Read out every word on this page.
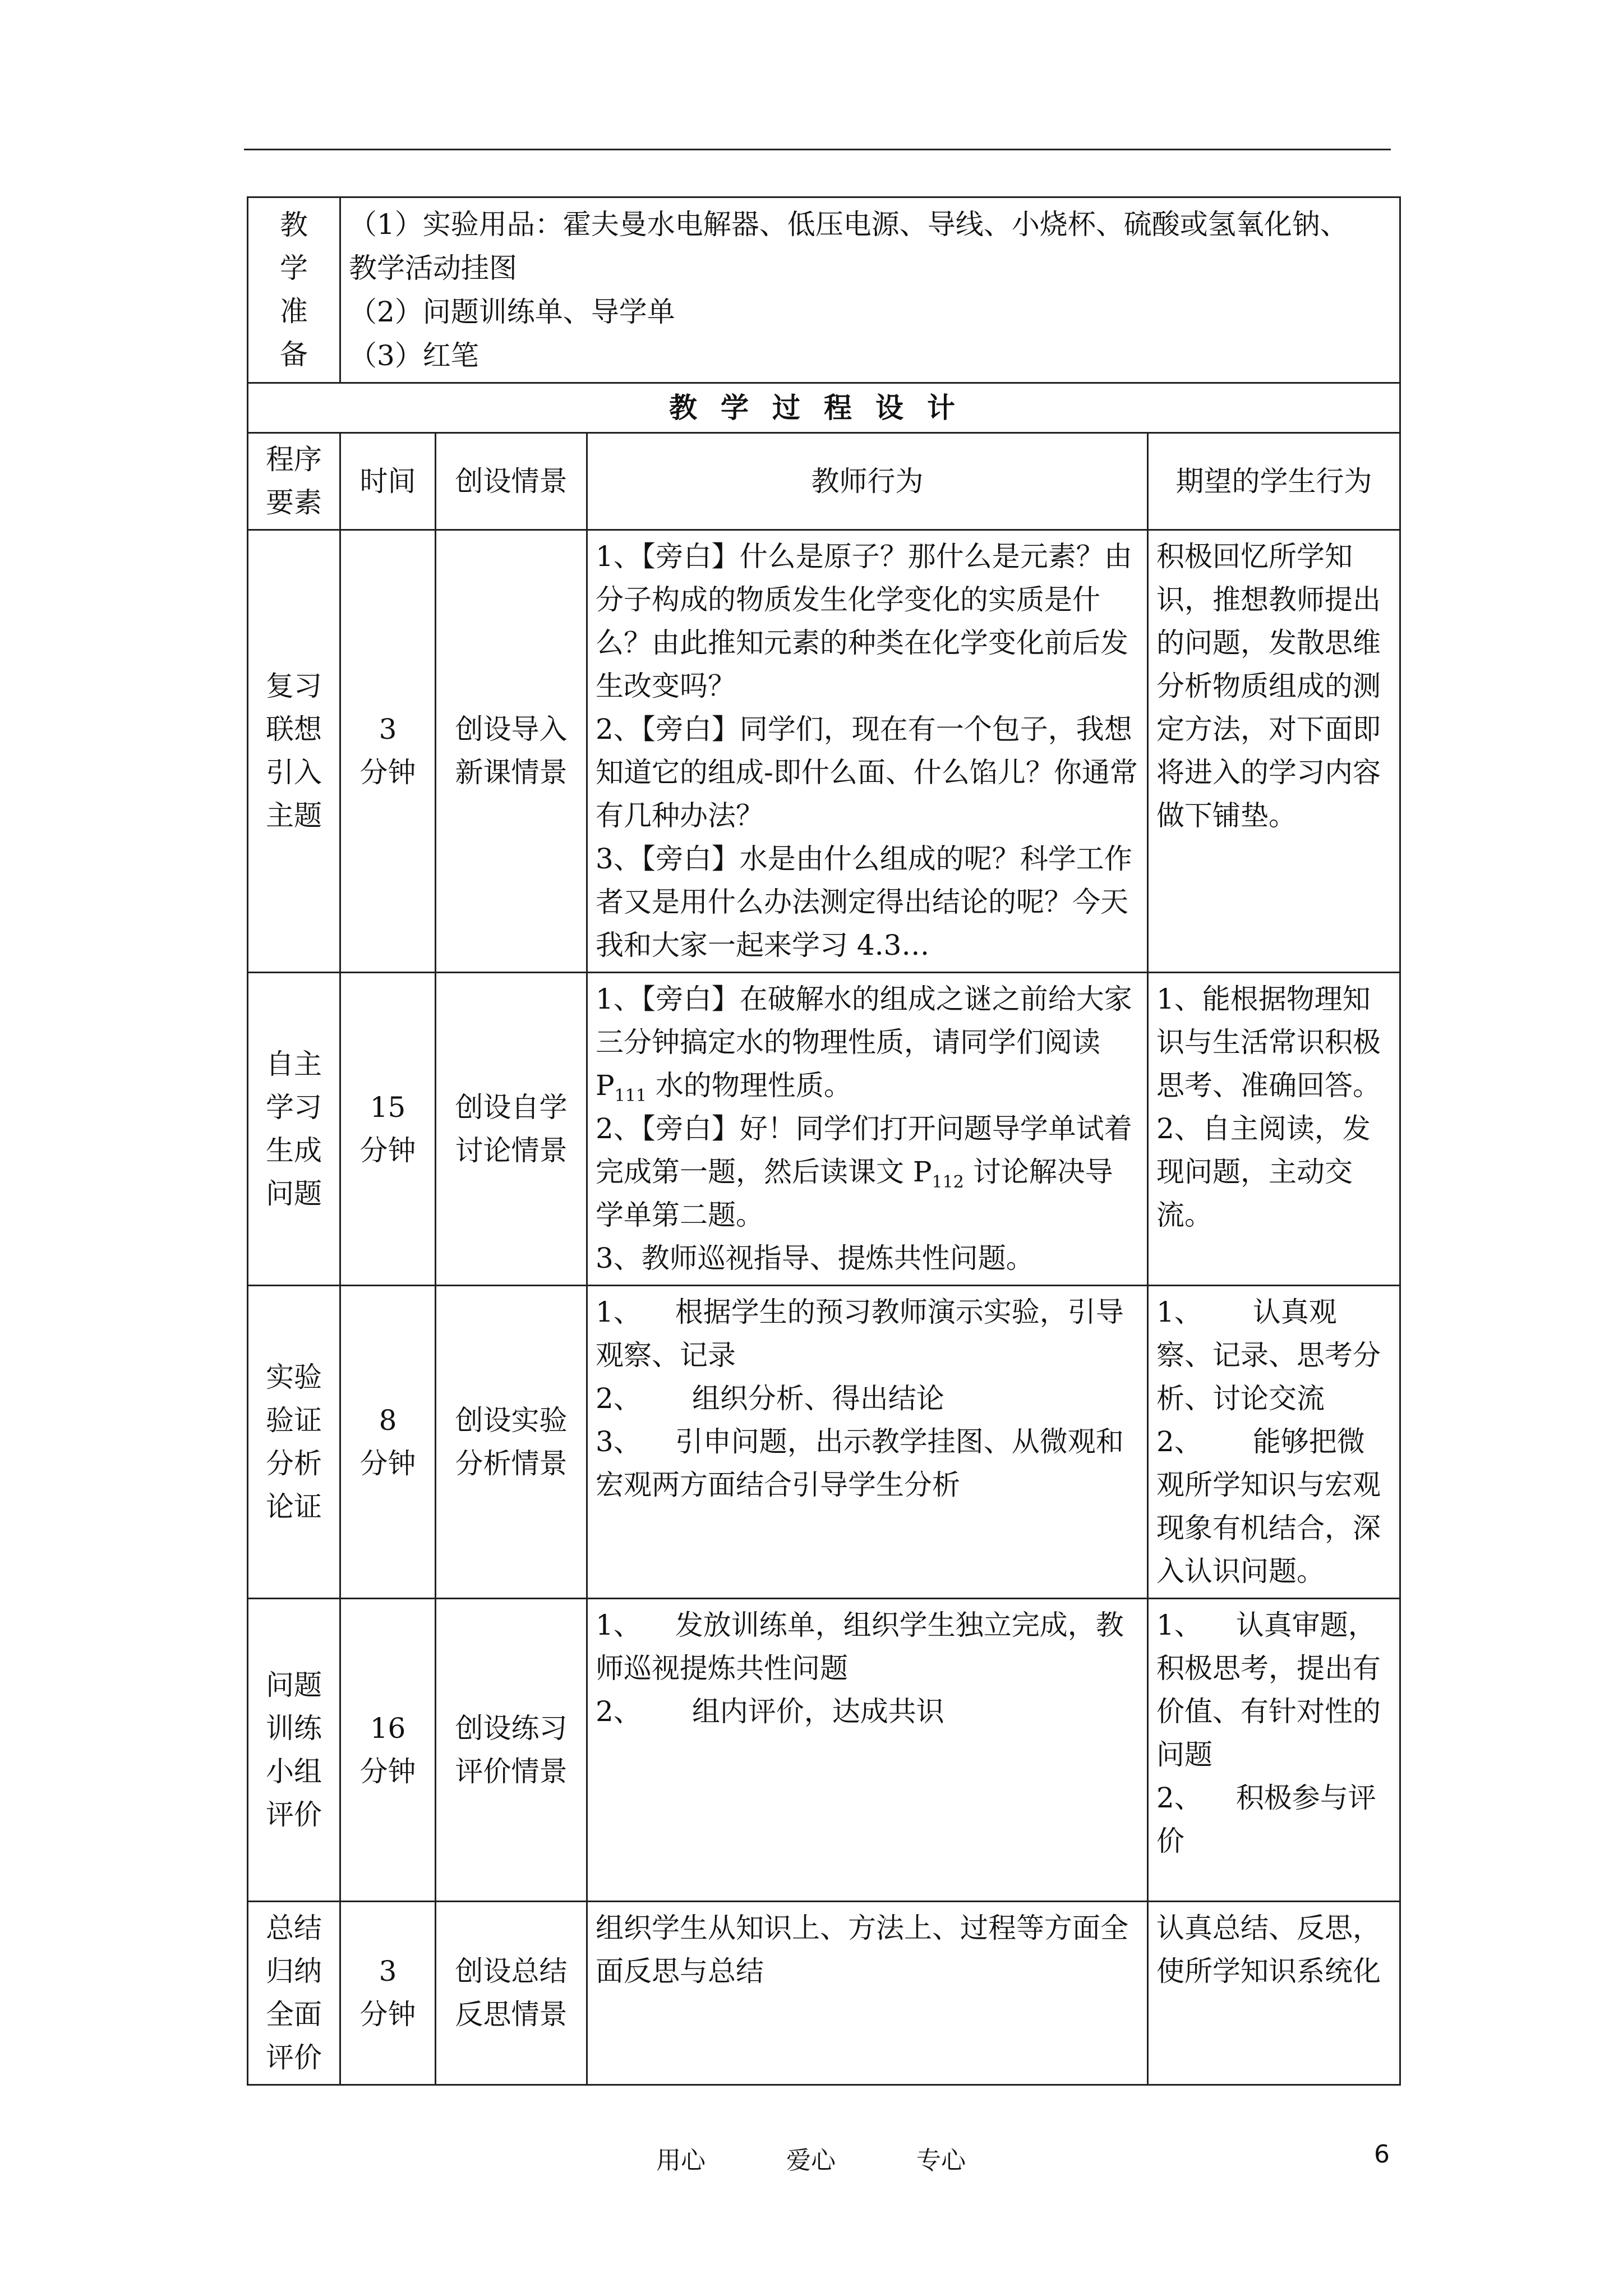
教
学
准
备	（1）实验用品：霍夫曼水电解器、低压电源、导线、小烧杯、硫酸或氢氧化钠、
教学活动挂图
（2）问题训练单、导学单
（3）红笔			

教学过程设计				

程序
要素	时间	创设情景	教师行为	期望的学生行为

复习
联想
引入
主题	3
分钟	创设导入
新课情景	1、【旁白】什么是原子？那什么是元素？由分子构成的物质发生化学变化的实质是什么？由此推知元素的种类在化学变化前后发生改变吗？
2、【旁白】同学们，现在有一个包子，我想知道它的组成-即什么面、什么馅儿？你通常有几种办法？
3、【旁白】水是由什么组成的呢？科学工作者又是用什么办法测定得出结论的呢？今天我和大家一起来学习 4.3…	积极回忆所学知识，推想教师提出的问题，发散思维分析物质组成的测定方法，对下面即将进入的学习内容做下铺垫。

自主
学习
生成
问题	15
分钟	创设自学
讨论情景	1、【旁白】在破解水的组成之谜之前给大家三分钟搞定水的物理性质，请同学们阅读 $P_{111}$ 水的物理性质。
2、【旁白】好！同学们打开问题导学单试着完成第一题，然后读课文 $P_{112}$ 讨论解决导学单第二题。
3、教师巡视指导、提炼共性问题。	1、能根据物理知识与生活常识积极思考、准确回答。
2、自主阅读，发现问题，主动交流。

实验
验证
分析
论证	8
分钟	创设实验
分析情景	1、 根据学生的预习教师演示实验，引导观察、记录
2、 组织分析、得出结论
3、 引申问题，出示教学挂图、从微观和宏观两方面结合引导学生分析	1、 认真观察、记录、思考分析、讨论交流
2、 能够把微观所学知识与宏观现象有机结合，深入认识问题。

问题
训练
小组
评价	16
分钟	创设练习
评价情景	1、 发放训练单，组织学生独立完成，教师巡视提炼共性问题
2、 组内评价，达成共识	1、 认真审题，积极思考，提出有价值、有针对性的问题
2、 积极参与评价

总结
归纳
全面
评价	3
分钟	创设总结
反思情景	组织学生从知识上、方法上、过程等方面全面反思与总结	认真总结、反思，使所学知识系统化
用心	爱心	专心	6
